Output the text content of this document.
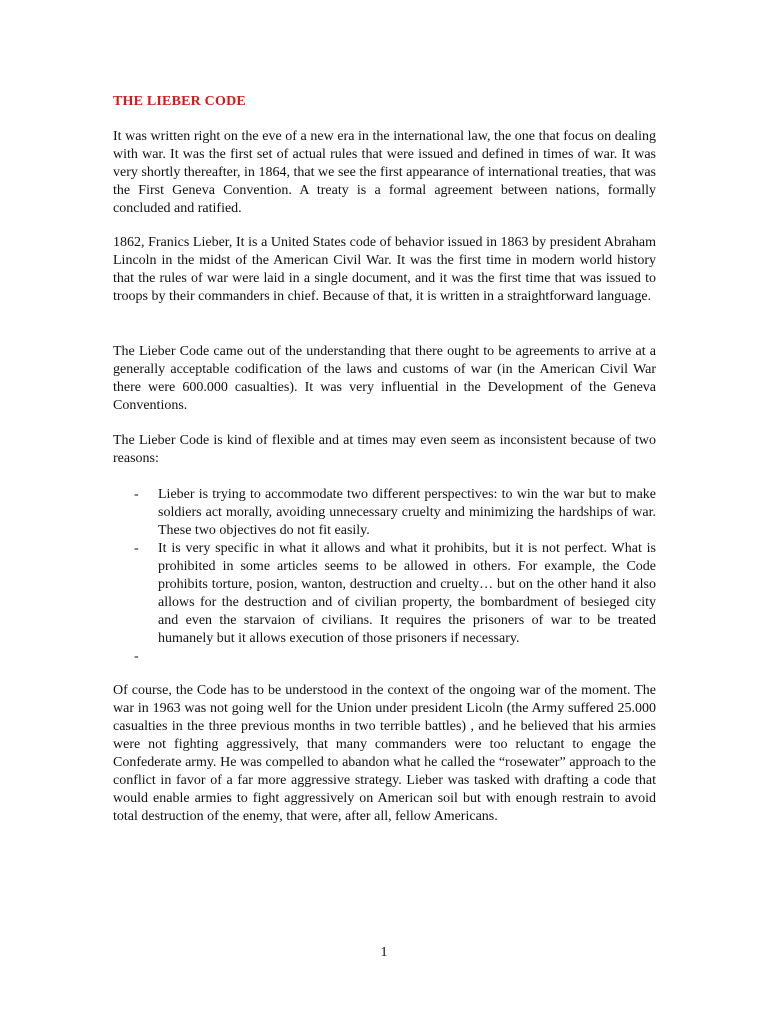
THE LIEBER CODE

It was written right on the eve of a new era in the international law, the one that focus on dealing with war. It was the first set of actual rules that were issued and defined in times of war. It was very shortly thereafter, in 1864, that we see the first appearance of international treaties, that was the First Geneva Convention. A treaty is a formal agreement between nations, formally concluded and ratified.

1862, Franics Lieber, It is a United States code of behavior issued in 1863 by president Abraham Lincoln in the midst of the American Civil War. It was the first time in modern world history that the rules of war were laid in a single document, and it was the first time that was issued to troops by their commanders in chief. Because of that, it is written in a straightforward language.

The Lieber Code came out of the understanding that there ought to be agreements to arrive at a generally acceptable codification of the laws and customs of war (in the American Civil War there were 600.000 casualties). It was very influential in the Development of the Geneva Conventions.

The Lieber Code is kind of flexible and at times may even seem as inconsistent because of two reasons:

- Lieber is trying to accommodate two different perspectives: to win the war but to make soldiers act morally, avoiding unnecessary cruelty and minimizing the hardships of war. These two objectives do not fit easily.
- It is very specific in what it allows and what it prohibits, but it is not perfect. What is prohibited in some articles seems to be allowed in others. For example, the Code prohibits torture, posion, wanton, destruction and cruelty… but on the other hand it also allows for the destruction and of civilian property, the bombardment of besieged city and even the starvaion of civilians. It requires the prisoners of war to be treated humanely but it allows execution of those prisoners if necessary.
-

Of course, the Code has to be understood in the context of the ongoing war of the moment. The war in 1963 was not going well for the Union under president Licoln (the Army suffered 25.000 casualties in the three previous months in two terrible battles) , and he believed that his armies were not fighting aggressively, that many commanders were too reluctant to engage the Confederate army. He was compelled to abandon what he called the “rosewater” approach to the conflict in favor of a far more aggressive strategy. Lieber was tasked with drafting a code that would enable armies to fight aggressively on American soil but with enough restrain to avoid total destruction of the enemy, that were, after all, fellow Americans.

1
